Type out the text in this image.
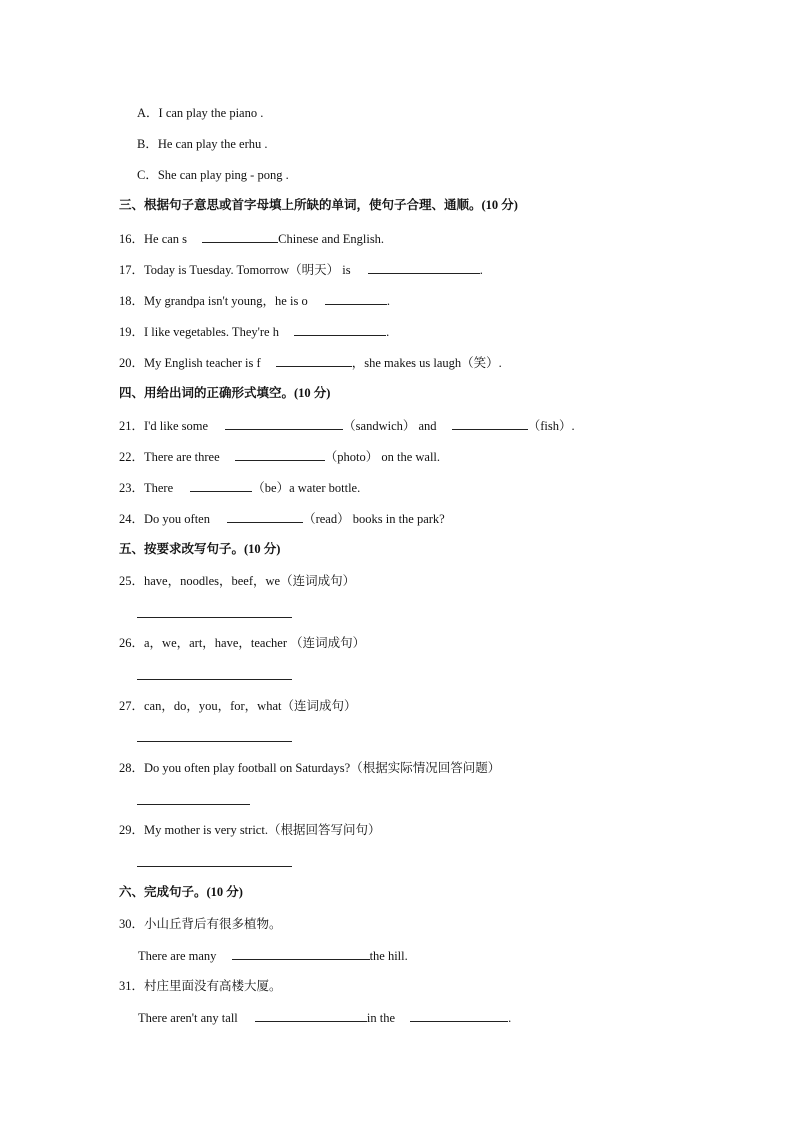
A．I can play the piano .
B．He can play the erhu .
C．She can play ping - pong .
三、根据句子意思或首字母填上所缺的单词，使句子合理、通顺。(10 分)
16．He can s	Chinese and English.
17．Today is Tuesday. Tomorrow（明天） is	.
18．My grandpa isn't young，he is o	.
19．I like vegetables. They're h	.
20．My English teacher is f	，she makes us laugh（笑）.
四、用给出词的正确形式填空。(10 分)
21．I'd like some	（sandwich） and	（fish）.
22．There are three	（photo） on the wall.
23．There	（be）a water bottle.
24．Do you often	（read） books in the park?
五、按要求改写句子。(10 分)
25．have，noodles，beef，we（连词成句）
26．a，we，art，have，teacher （连词成句）
27．can，do，you，for，what（连词成句）
28．Do you often play football on Saturdays?（根据实际情况回答问题）
29．My mother is very strict.（根据回答写问句）
六、完成句子。(10 分)
30．小山丘背后有很多植物。
There are many	the hill.
31．村庄里面没有高楼大厦。
There aren't any tall	in the	.
